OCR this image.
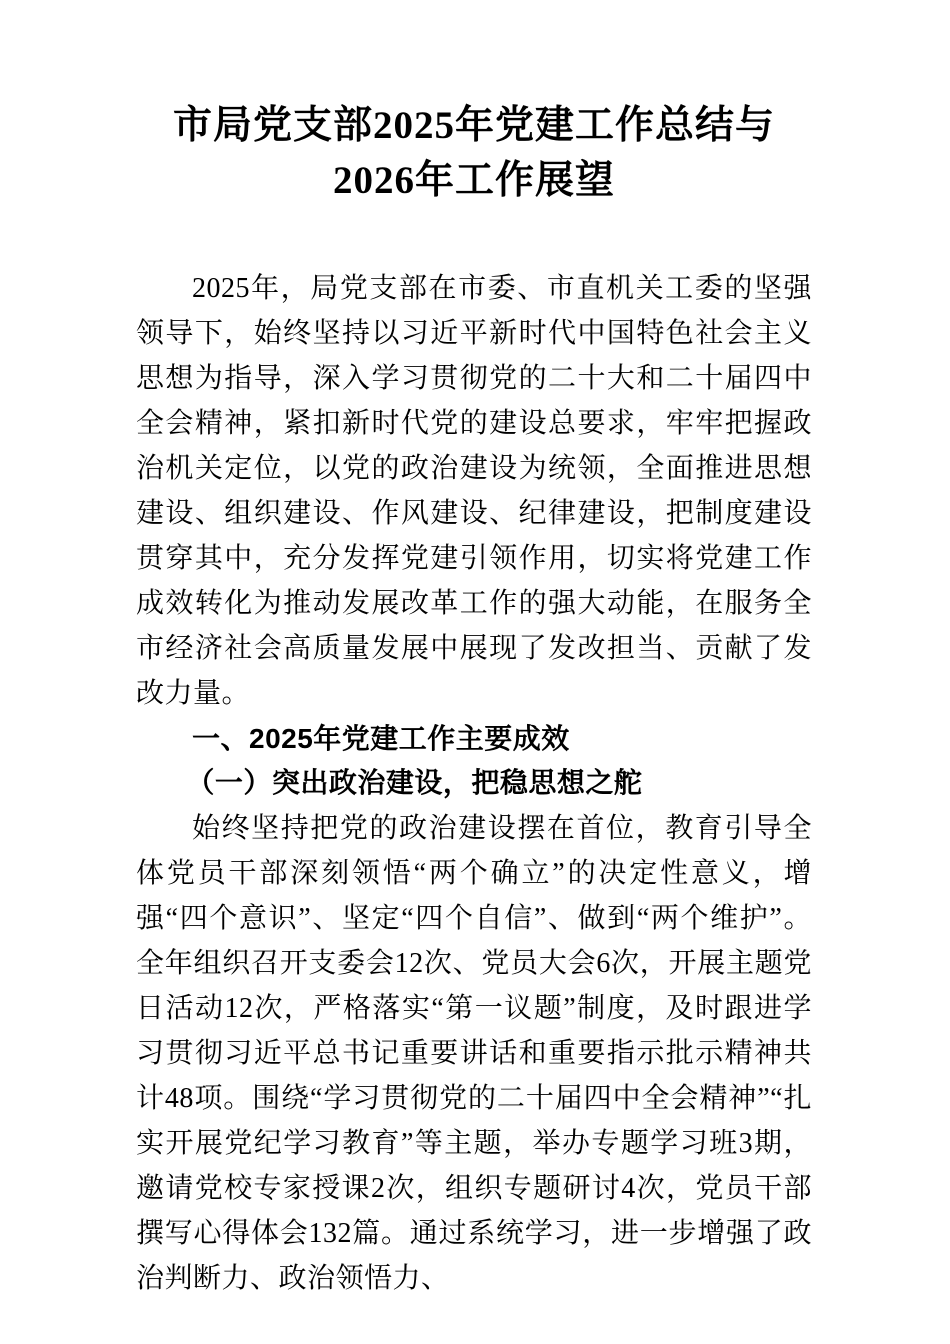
市局党支部2025年党建工作总结与2026年工作展望

2025年，局党支部在市委、市直机关工委的坚强领导下，始终坚持以习近平新时代中国特色社会主义思想为指导，深入学习贯彻党的二十大和二十届四中全会精神，紧扣新时代党的建设总要求，牢牢把握政治机关定位，以党的政治建设为统领，全面推进思想建设、组织建设、作风建设、纪律建设，把制度建设贯穿其中，充分发挥党建引领作用，切实将党建工作成效转化为推动发展改革工作的强大动能，在服务全市经济社会高质量发展中展现了发改担当、贡献了发改力量。

一、2025年党建工作主要成效
（一）突出政治建设，把稳思想之舵

始终坚持把党的政治建设摆在首位，教育引导全体党员干部深刻领悟“两个确立”的决定性意义，增强“四个意识”、坚定“四个自信”、做到“两个维护”。全年组织召开支委会12次、党员大会6次，开展主题党日活动12次，严格落实“第一议题”制度，及时跟进学习贯彻习近平总书记重要讲话和重要指示批示精神共计48项。围绕“学习贯彻党的二十届四中全会精神”“扎实开展党纪学习教育”等主题，举办专题学习班3期，邀请党校专家授课2次，组织专题研讨4次，党员干部撰写心得体会132篇。通过系统学习，进一步增强了政治判断力、政治领悟力、
